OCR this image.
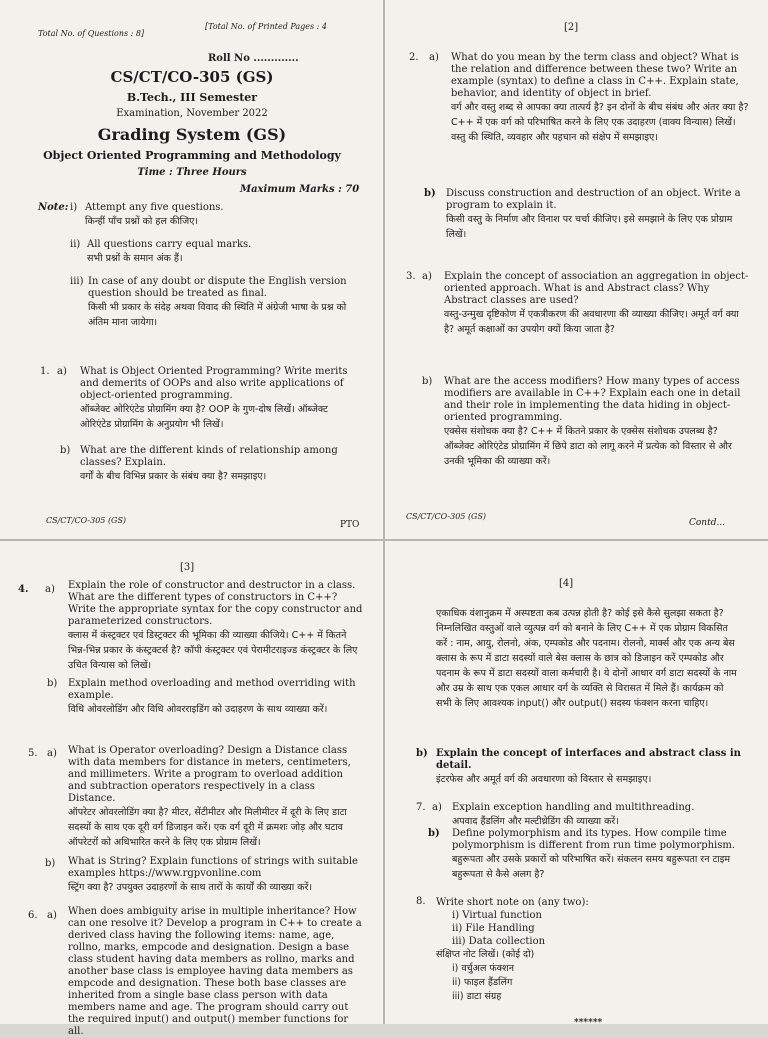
Total No. of Questions : 8]
[Total No. of Printed Pages : 4
Roll No .............
CS/CT/CO-305 (GS)
B.Tech., III Semester
Examination, November 2022
Grading System (GS)
Object Oriented Programming and Methodology
Time : Three Hours
Maximum Marks : 70
Note: i) Attempt any five questions.

किन्हीं पाँच प्रश्नों को हल कीजिए।

ii) All questions carry equal marks.

सभी प्रश्नों के समान अंक हैं।

iii) In case of any doubt or dispute the English version question should be treated as final.

किसी भी प्रकार के संदेह अथवा विवाद की स्थिति में अंग्रेजी भाषा के प्रश्न को अंतिम माना जायेगा।

1. a) What is Object Oriented Programming? Write merits and demerits of OOPs and also write applications of object-oriented programming.

ऑब्जेक्ट ओरिएंटेड प्रोग्रामिंग क्या है? OOP के गुण-दोष लिखें। ऑब्जेक्ट ओरिएंटेड प्रोग्रामिंग के अनुप्रयोग भी लिखें।

b) What are the different kinds of relationship among classes? Explain.

वर्गों के बीच विभिन्न प्रकार के संबंध क्या है? समझाइए।

CS/CT/CO-305 (GS)	PTO
[2]
2. a) What do you mean by the term class and object? What is the relation and difference between these two? Write an example (syntax) to define a class in C++. Explain state, behavior, and identity of object in brief.

वर्ग और वस्तु शब्द से आपका क्या तात्पर्य है? इन दोनों के बीच संबंध और अंतर क्या है? C++ में एक वर्ग को परिभाषित करने के लिए एक उदाहरण (वाक्य विन्यास) लिखें। वस्तु की स्थिति, व्यवहार और पहचान को संक्षेप में समझाइए।

b) Discuss construction and destruction of an object. Write a program to explain it.

किसी वस्तु के निर्माण और विनाश पर चर्चा कीजिए। इसे समझाने के लिए एक प्रोग्राम लिखें।

3. a) Explain the concept of association an aggregation in object-oriented approach. What is and Abstract class? Why Abstract classes are used?

वस्तु-उन्मुख दृष्टिकोण में एकत्रीकरण की अवधारणा की व्याख्या कीजिए। अमूर्त वर्ग क्या है? अमूर्त कक्षाओं का उपयोग क्यों किया जाता है?

b) What are the access modifiers? How many types of access modifiers are available in C++? Explain each one in detail and their role in implementing the data hiding in object-oriented programming.

एक्सेस संशोधक क्या है? C++ में कितने प्रकार के एक्सेस संशोधक उपलब्ध है? ऑब्जेक्ट ओरिएंटेड प्रोग्रामिंग में छिपे डाटा को लागू करने में प्रत्येक को विस्तार से और उनकी भूमिका की व्याख्या करें।

CS/CT/CO-305 (GS)
Contd...
[3]
4. a) Explain the role of constructor and destructor in a class. What are the different types of constructors in C++? Write the appropriate syntax for the copy constructor and parameterized constructors.

क्लास में कंस्ट्रक्टर एवं डिस्ट्रक्टर की भूमिका की व्याख्या कीजिये। C++ में कितने भिन्न-भिन्न प्रकार के कंस्ट्रक्टर्स है? कॉपी कंस्ट्रक्टर एवं पेरामीटराइज्ड कंस्ट्रक्टर के लिए उचित विन्यास को लिखें।

b) Explain method overloading and method overriding with example.

विधि ओवरलोडिंग और विधि ओवरराइडिंग को उदाहरण के साथ व्याख्या करें।

5. a) What is Operator overloading? Design a Distance class with data members for distance in meters, centimeters, and millimeters. Write a program to overload addition and subtraction operators respectively in a class Distance.

ऑपरेटर ओवरलोडिंग क्या है? मीटर, सेंटीमीटर और मिलीमीटर में दूरी के लिए डाटा सदस्यों के साथ एक दूरी वर्ग डिजाइन करें। एक वर्ग दूरी में क्रमशः जोड़ और घटाव ऑपरेटरों को अधिभारित करने के लिए एक प्रोग्राम लिखें।

b) What is String? Explain functions of strings with suitable examples https://www.rgpvonline.com

स्ट्रिंग क्या है? उपयुक्त उदाहरणों के साथ तारों के कार्यों की व्याख्या करें।

6. a) When does ambiguity arise in multiple inheritance? How can one resolve it? Develop a program in C++ to create a derived class having the following items: name, age, rollno, marks, empcode and designation. Design a base class student having data members as rollno, marks and another base class is employee having data members as empcode and designation. These both base classes are inherited from a single base class person with data members name and age. The program should carry out the required input() and output() member functions for all.

[4]

एकाधिक वंशानुक्रम में अस्पष्टता कब उत्पन्न होती है? कोई इसे कैसे सुलझा सकता है? निम्नलिखित वस्तुओं वाले व्युत्पन्न वर्ग को बनाने के लिए C++ में एक प्रोग्राम विकसित करें : नाम, आयु, रोलनो, अंक, एम्पकोड और पदनाम। रोलनो, मार्क्स और एक अन्य बेस क्लास के रूप में डाटा सदस्यों वाले बेस क्लास के छात्र को डिजाइन करें एम्पकोड और पदनाम के रूप में डाटा सदस्यों वाला कर्मचारी है। ये दोनों आधार वर्ग डाटा सदस्यों के नाम और उम्र के साथ एक एकल आधार वर्ग के व्यक्ति से विरासत में मिले हैं। कार्यक्रम को सभी के लिए आवश्यक input() और output() सदस्य फंक्शन करना चाहिए।

b) Explain the concept of interfaces and abstract class in detail.

इंटरफेस और अमूर्त वर्ग की अवधारणा को विस्तार से समझाइए।

7. a) Explain exception handling and multithreading.

अपवाद हैंडलिंग और मल्टीथ्रेडिंग की व्याख्या करें।

b) Define polymorphism and its types. How compile time polymorphism is different from run time polymorphism.

बहुरूपता और उसके प्रकारों को परिभाषित करें। संकलन समय बहुरूपता रन टाइम बहुरूपता से कैसे अलग है?

8. Write short note on (any two):
i) Virtual function
ii) File Handling
iii) Data collection
संक्षिप्त नोट लिखें। (कोई दो)
i) वर्चुअल फंक्शन
ii) फाइल हैंडलिंग
iii) डाटा संग्रह
******
